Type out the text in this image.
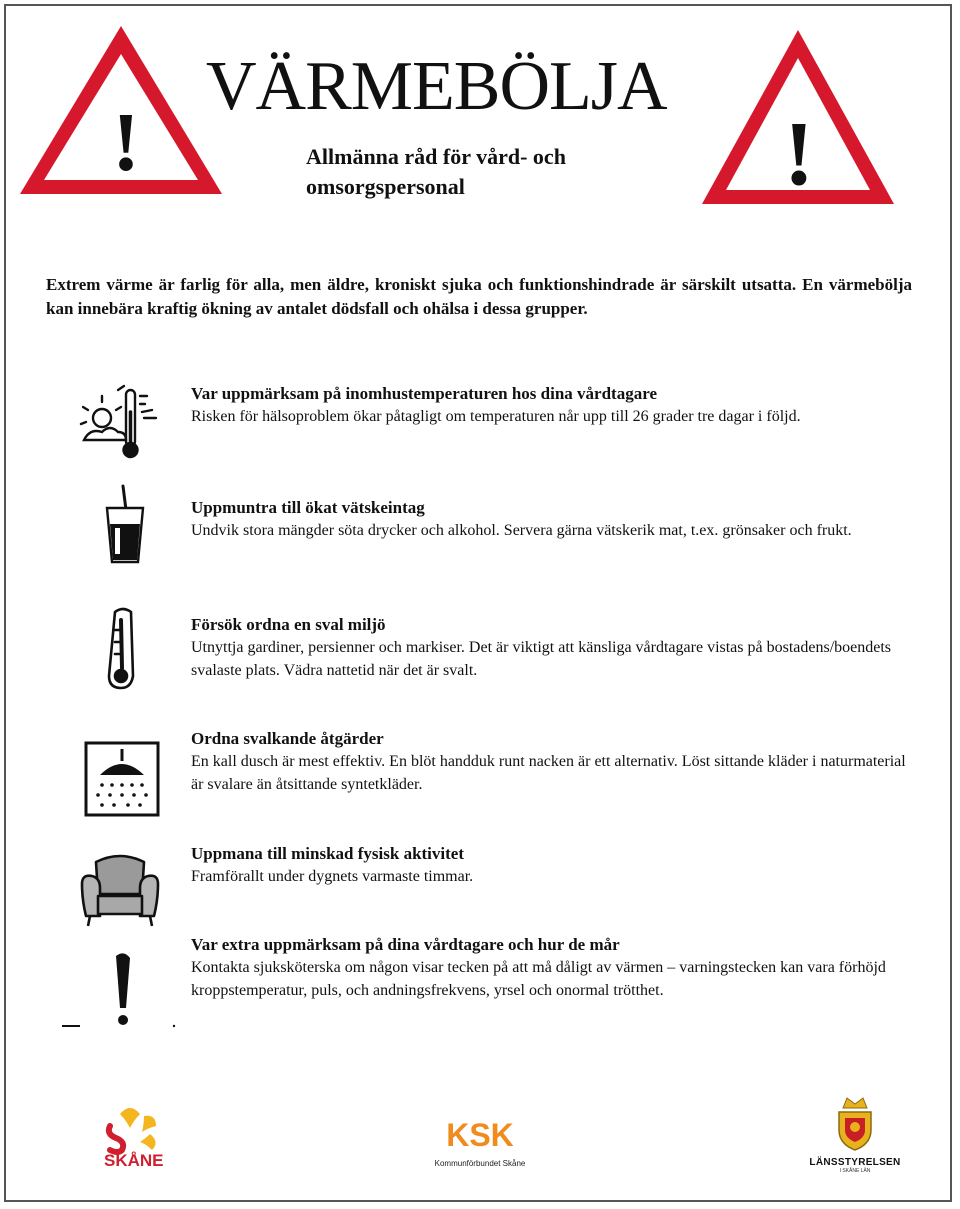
!	!
VÄRMEBÖLJA
Allmänna råd för vård- och omsorgspersonal
Extrem värme är farlig för alla, men äldre, kroniskt sjuka och funktionshindrade är särskilt utsatta. En värmebölja kan innebära kraftig ökning av antalet dödsfall och ohälsa i dessa grupper.
Var uppmärksam på inomhustemperaturen hos dina vårdtagare

Risken för hälsoproblem ökar påtagligt om temperaturen når upp till 26 grader tre dagar i följd.

Uppmuntra till ökat vätskeintag

Undvik stora mängder söta drycker och alkohol. Servera gärna vätskerik mat, t.ex. grönsaker och frukt.

Försök ordna en sval miljö

Utnyttja gardiner, persienner och markiser. Det är viktigt att känsliga vårdtagare vistas på bostadens/boendets svalaste plats. Vädra nattetid när det är svalt.

Ordna svalkande åtgärder

En kall dusch är mest effektiv. En blöt handduk runt nacken är ett alternativ. Löst sittande kläder i naturmaterial är svalare än åtsittande syntetkläder.

Uppmana till minskad fysisk aktivitet

Framförallt under dygnets varmaste timmar.

Var extra uppmärksam på dina vårdtagare och hur de mår

Kontakta sjuksköterska om någon visar tecken på att må dåligt av värmen – varningstecken kan vara förhöjd kroppstemperatur, puls, och andningsfrekvens, yrsel och onormal trötthet.

SKÅNE
KSK
Kommunförbundet Skåne	LÄNSSTYRELSEN
I SKÅNE LÄN
